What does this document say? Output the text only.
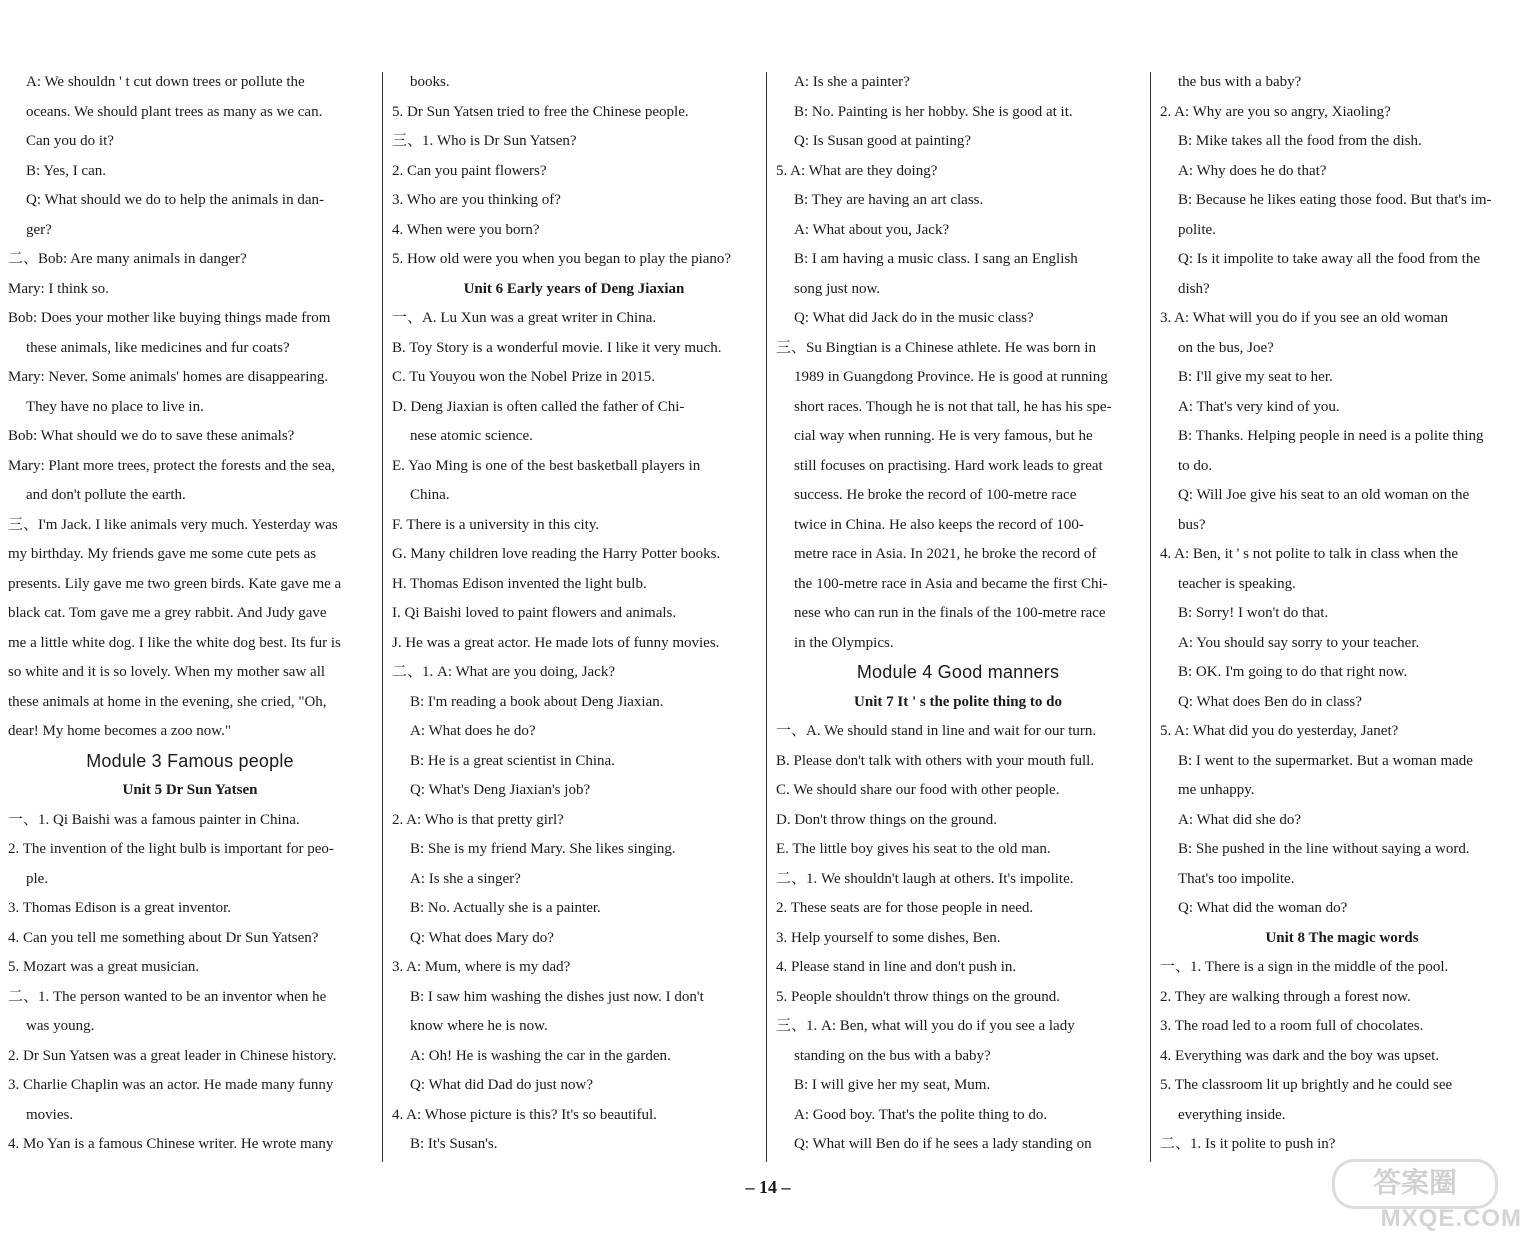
A: We shouldn ' t cut down trees or pollute the
oceans. We should plant trees as many as we can.
Can you do it?
B: Yes, I can.
Q: What should we do to help the animals in dan-
ger?
二、Bob: Are many animals in danger?
Mary: I think so.
Bob: Does your mother like buying things made from
these animals, like medicines and fur coats?
Mary: Never. Some animals' homes are disappearing.
They have no place to live in.
Bob: What should we do to save these animals?
Mary: Plant more trees, protect the forests and the sea,
and don't pollute the earth.
三、I'm Jack. I like animals very much. Yesterday was
my birthday. My friends gave me some cute pets as
presents. Lily gave me two green birds. Kate gave me a
black cat. Tom gave me a grey rabbit. And Judy gave
me a little white dog. I like the white dog best. Its fur is
so white and it is so lovely. When my mother saw all
these animals at home in the evening, she cried, "Oh,
dear! My home becomes a zoo now."
Module 3 Famous people
Unit 5 Dr Sun Yatsen
一、1. Qi Baishi was a famous painter in China.
2. The invention of the light bulb is important for peo-
ple.
3. Thomas Edison is a great inventor.
4. Can you tell me something about Dr Sun Yatsen?
5. Mozart was a great musician.
二、1. The person wanted to be an inventor when he
was young.
2. Dr Sun Yatsen was a great leader in Chinese history.
3. Charlie Chaplin was an actor. He made many funny
movies.
4. Mo Yan is a famous Chinese writer. He wrote many
books.
5. Dr Sun Yatsen tried to free the Chinese people.
三、1. Who is Dr Sun Yatsen?
2. Can you paint flowers?
3. Who are you thinking of?
4. When were you born?
5. How old were you when you began to play the piano?
Unit 6 Early years of Deng Jiaxian
一、A. Lu Xun was a great writer in China.
B. Toy Story is a wonderful movie. I like it very much.
C. Tu Youyou won the Nobel Prize in 2015.
D. Deng Jiaxian is often called the father of Chi-
nese atomic science.
E. Yao Ming is one of the best basketball players in
China.
F. There is a university in this city.
G. Many children love reading the Harry Potter books.
H. Thomas Edison invented the light bulb.
I. Qi Baishi loved to paint flowers and animals.
J. He was a great actor. He made lots of funny movies.
二、1. A: What are you doing, Jack?
B: I'm reading a book about Deng Jiaxian.
A: What does he do?
B: He is a great scientist in China.
Q: What's Deng Jiaxian's job?
2. A: Who is that pretty girl?
B: She is my friend Mary. She likes singing.
A: Is she a singer?
B: No. Actually she is a painter.
Q: What does Mary do?
3. A: Mum, where is my dad?
B: I saw him washing the dishes just now. I don't
know where he is now.
A: Oh! He is washing the car in the garden.
Q: What did Dad do just now?
4. A: Whose picture is this? It's so beautiful.
B: It's Susan's.
A: Is she a painter?
B: No. Painting is her hobby. She is good at it.
Q: Is Susan good at painting?
5. A: What are they doing?
B: They are having an art class.
A: What about you, Jack?
B: I am having a music class. I sang an English
song just now.
Q: What did Jack do in the music class?
三、Su Bingtian is a Chinese athlete. He was born in
1989 in Guangdong Province. He is good at running
short races. Though he is not that tall, he has his spe-
cial way when running. He is very famous, but he
still focuses on practising. Hard work leads to great
success. He broke the record of 100-metre race
twice in China. He also keeps the record of 100-
metre race in Asia. In 2021, he broke the record of
the 100-metre race in Asia and became the first Chi-
nese who can run in the finals of the 100-metre race
in the Olympics.
Module 4 Good manners
Unit 7 It ' s the polite thing to do
一、A. We should stand in line and wait for our turn.
B. Please don't talk with others with your mouth full.
C. We should share our food with other people.
D. Don't throw things on the ground.
E. The little boy gives his seat to the old man.
二、1. We shouldn't laugh at others. It's impolite.
2. These seats are for those people in need.
3. Help yourself to some dishes, Ben.
4. Please stand in line and don't push in.
5. People shouldn't throw things on the ground.
三、1. A: Ben, what will you do if you see a lady
standing on the bus with a baby?
B: I will give her my seat, Mum.
A: Good boy. That's the polite thing to do.
Q: What will Ben do if he sees a lady standing on
the bus with a baby?
2. A: Why are you so angry, Xiaoling?
B: Mike takes all the food from the dish.
A: Why does he do that?
B: Because he likes eating those food. But that's im-
polite.
Q: Is it impolite to take away all the food from the
dish?
3. A: What will you do if you see an old woman
on the bus, Joe?
B: I'll give my seat to her.
A: That's very kind of you.
B: Thanks. Helping people in need is a polite thing
to do.
Q: Will Joe give his seat to an old woman on the
bus?
4. A: Ben, it ' s not polite to talk in class when the
teacher is speaking.
B: Sorry! I won't do that.
A: You should say sorry to your teacher.
B: OK. I'm going to do that right now.
Q: What does Ben do in class?
5. A: What did you do yesterday, Janet?
B: I went to the supermarket. But a woman made
me unhappy.
A: What did she do?
B: She pushed in the line without saying a word.
That's too impolite.
Q: What did the woman do?
Unit 8 The magic words
一、1. There is a sign in the middle of the pool.
2. They are walking through a forest now.
3. The road led to a room full of chocolates.
4. Everything was dark and the boy was upset.
5. The classroom lit up brightly and he could see
everything inside.
二、1. Is it polite to push in?
– 14 –	答案圈
MXQE.COM
